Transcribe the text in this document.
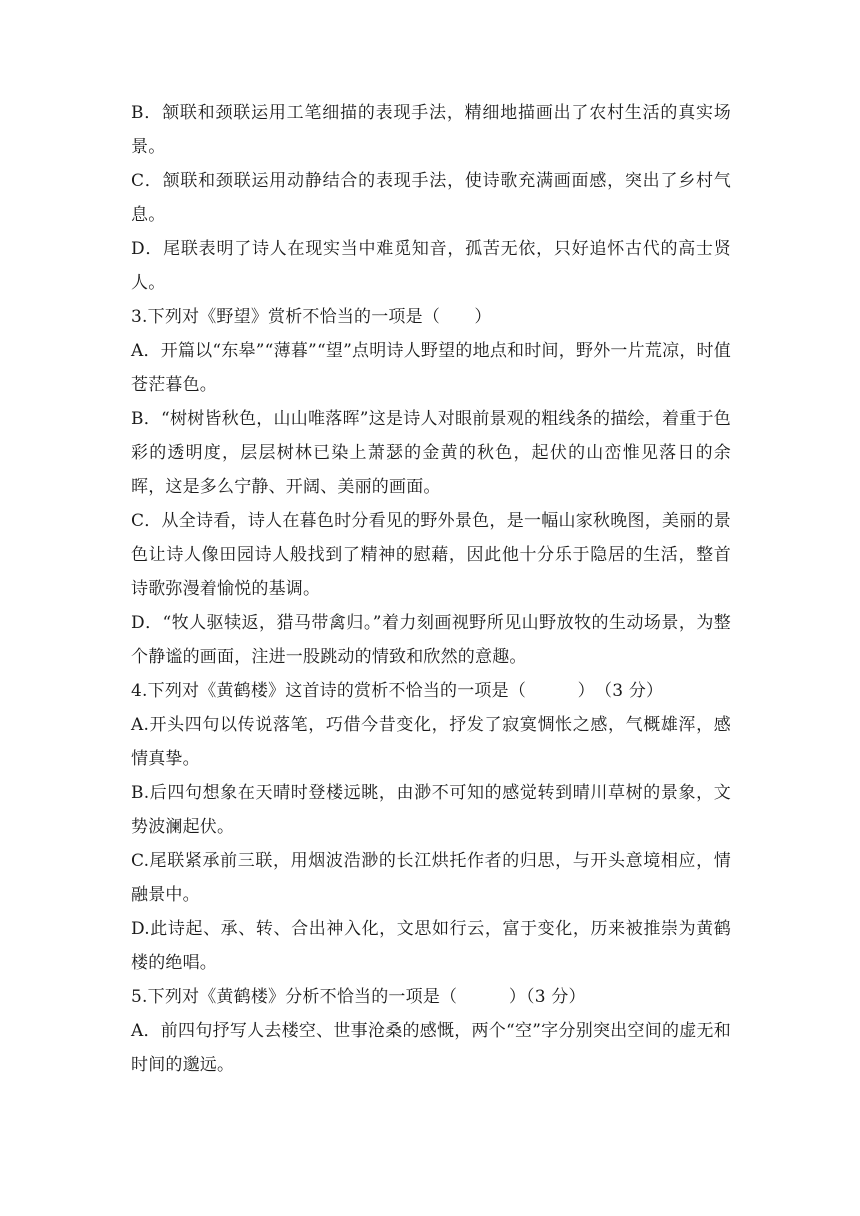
B．颔联和颈联运用工笔细描的表现手法，精细地描画出了农村生活的真实场景。

C．颔联和颈联运用动静结合的表现手法，使诗歌充满画面感，突出了乡村气息。

D．尾联表明了诗人在现实当中难觅知音，孤苦无依，只好追怀古代的高士贤人。

3.下列对《野望》赏析不恰当的一项是（　　）

A．开篇以“东皋”“薄暮”“望”点明诗人野望的地点和时间，野外一片荒凉，时值苍茫暮色。

B．“树树皆秋色，山山唯落晖”这是诗人对眼前景观的粗线条的描绘，着重于色彩的透明度，层层树林已染上萧瑟的金黄的秋色，起伏的山峦惟见落日的余晖，这是多么宁静、开阔、美丽的画面。

C．从全诗看，诗人在暮色时分看见的野外景色，是一幅山家秋晚图，美丽的景色让诗人像田园诗人般找到了精神的慰藉，因此他十分乐于隐居的生活，整首诗歌弥漫着愉悦的基调。

D．“牧人驱犊返，猎马带禽归。”着力刻画视野所见山野放牧的生动场景，为整个静谧的画面，注进一股跳动的情致和欣然的意趣。

4.下列对《黄鹤楼》这首诗的赏析不恰当的一项是（　　　）　（3 分）

A.开头四句以传说落笔，巧借今昔变化，抒发了寂寞惆怅之感，气概雄浑，感情真挚。

B.后四句想象在天晴时登楼远眺，由渺不可知的感觉转到晴川草树的景象，文势波澜起伏。

C.尾联紧承前三联，用烟波浩渺的长江烘托作者的归思，与开头意境相应，情融景中。

D.此诗起、承、转、合出神入化，文思如行云，富于变化，历来被推崇为黄鹤楼的绝唱。

5.下列对《黄鹤楼》分析不恰当的一项是（　　　）（3 分）

A．前四句抒写人去楼空、世事沧桑的感慨，两个“空”字分别突出空间的虚无和时间的邈远。
